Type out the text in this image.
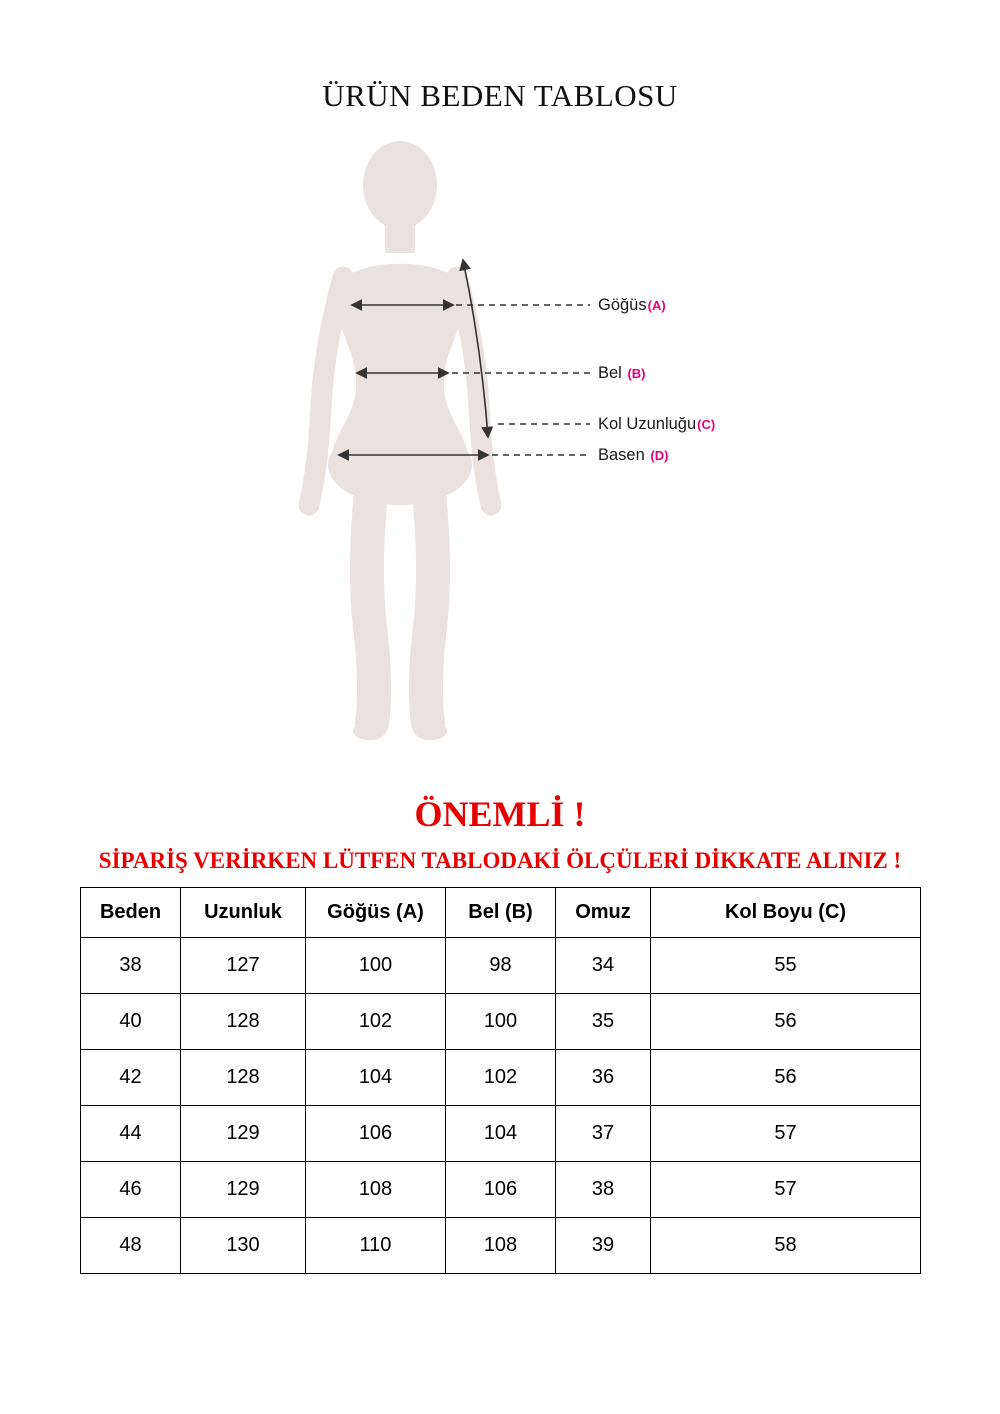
ÜRÜN BEDEN TABLOSU
Göğüs(A)
Bel (B)
Kol Uzunluğu(C)
Basen (D)
ÖNEMLİ !
SİPARİŞ VERİRKEN LÜTFEN TABLODAKİ ÖLÇÜLERİ DİKKATE ALINIZ !
Beden	Uzunluk	Göğüs (A)	Bel (B)	Omuz	Kol Boyu (C)
38	127	100	98	34	55
40	128	102	100	35	56
42	128	104	102	36	56
44	129	106	104	37	57
46	129	108	106	38	57
48	130	110	108	39	58
